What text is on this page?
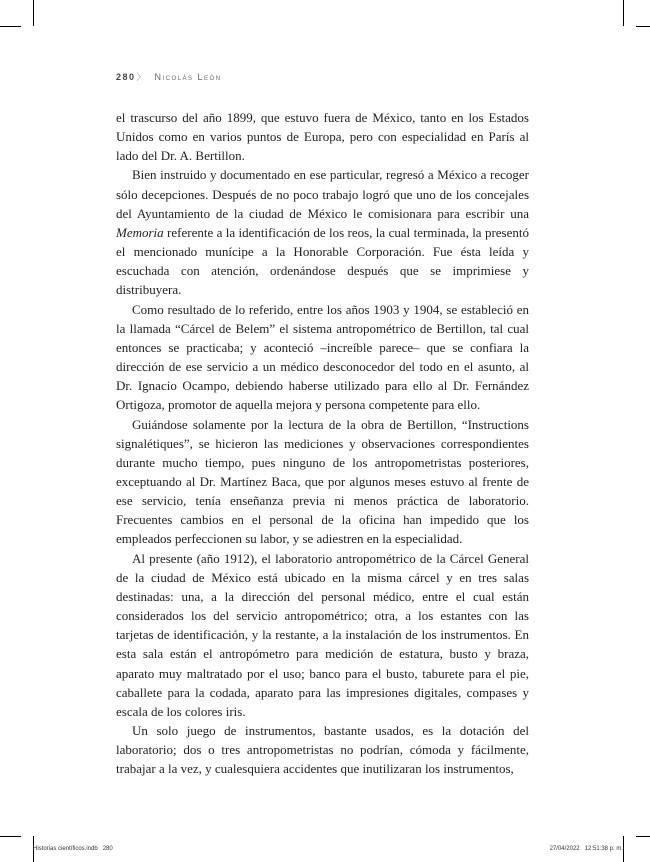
280〉 Nicolás León

el trascurso del año 1899, que estuvo fuera de México, tanto en los Estados Unidos como en varios puntos de Europa, pero con especialidad en París al lado del Dr. A. Bertillon.

Bien instruido y documentado en ese particular, regresó a México a recoger sólo decepciones. Después de no poco trabajo logró que uno de los concejales del Ayuntamiento de la ciudad de México le comisionara para escribir una Memoria referente a la identificación de los reos, la cual terminada, la presentó el mencionado munícipe a la Honorable Corporación. Fue ésta leída y escuchada con atención, ordenándose después que se imprimiese y distribuyera.

Como resultado de lo referido, entre los años 1903 y 1904, se estableció en la llamada “Cárcel de Belem” el sistema antropométrico de Bertillon, tal cual entonces se practicaba; y aconteció –increíble parece– que se confiara la dirección de ese servicio a un médico desconocedor del todo en el asunto, al Dr. Ignacio Ocampo, debiendo haberse utilizado para ello al Dr. Fernández Ortigoza, promotor de aquella mejora y persona competente para ello.

Guiándose solamente por la lectura de la obra de Bertillon, “Instructions signalétiques”, se hicieron las mediciones y observaciones correspondientes durante mucho tiempo, pues ninguno de los antropometristas posteriores, exceptuando al Dr. Martínez Baca, que por algunos meses estuvo al frente de ese servicio, tenía enseñanza previa ni menos práctica de laboratorio. Frecuentes cambios en el personal de la oficina han impedido que los empleados perfeccionen su labor, y se adiestren en la especialidad.

Al presente (año 1912), el laboratorio antropométrico de la Cárcel General de la ciudad de México está ubicado en la misma cárcel y en tres salas destinadas: una, a la dirección del personal médico, entre el cual están considerados los del servicio antropométrico; otra, a los estantes con las tarjetas de identificación, y la restante, a la instalación de los instrumentos. En esta sala están el antropómetro para medición de estatura, busto y braza, aparato muy maltratado por el uso; banco para el busto, taburete para el pie, caballete para la codada, aparato para las impresiones digitales, compases y escala de los colores iris.

Un solo juego de instrumentos, bastante usados, es la dotación del laboratorio; dos o tres antropometristas no podrían, cómoda y fácilmente, trabajar a la vez, y cualesquiera accidentes que inutilizaran los instrumentos,

Historias científicos.indb   280	27/04/2022   12:51:38 p. m.
